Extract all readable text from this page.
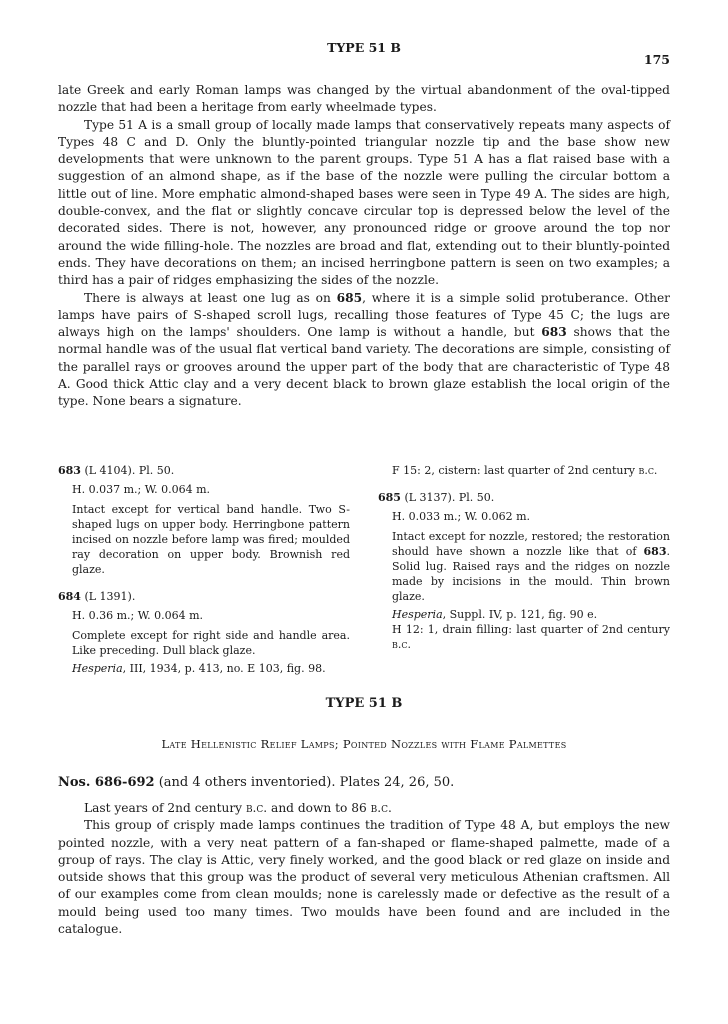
TYPE 51 B
175

late Greek and early Roman lamps was changed by the virtual abandonment of the oval-tipped nozzle that had been a heritage from early wheelmade types.

Type 51 A is a small group of locally made lamps that conservatively repeats many aspects of Types 48 C and D. Only the bluntly-pointed triangular nozzle tip and the base show new developments that were unknown to the parent groups. Type 51 A has a flat raised base with a suggestion of an almond shape, as if the base of the nozzle were pulling the circular bottom a little out of line. More emphatic almond-shaped bases were seen in Type 49 A. The sides are high, double-convex, and the flat or slightly concave circular top is depressed below the level of the decorated sides. There is not, however, any pronounced ridge or groove around the top nor around the wide filling-hole. The nozzles are broad and flat, extending out to their bluntly-pointed ends. They have decorations on them; an incised herringbone pattern is seen on two examples; a third has a pair of ridges emphasizing the sides of the nozzle.

There is always at least one lug as on 685, where it is a simple solid protuberance. Other lamps have pairs of S-shaped scroll lugs, recalling those features of Type 45 C; the lugs are always high on the lamps' shoulders. One lamp is without a handle, but 683 shows that the normal handle was of the usual flat vertical band variety. The decorations are simple, consisting of the parallel rays or grooves around the upper part of the body that are characteristic of Type 48 A. Good thick Attic clay and a very decent black to brown glaze establish the local origin of the type. None bears a signature.

683 (L 4104). Pl. 50.

H. 0.037 m.; W. 0.064 m.

Intact except for vertical band handle. Two S-shaped lugs on upper body. Herringbone pattern incised on nozzle before lamp was fired; moulded ray decoration on upper body. Brownish red glaze.

684 (L 1391).

H. 0.36 m.; W. 0.064 m.

Complete except for right side and handle area. Like preceding. Dull black glaze.

Hesperia, III, 1934, p. 413, no. E 103, fig. 98.

F 15: 2, cistern: last quarter of 2nd century b.c.

685 (L 3137). Pl. 50.

H. 0.033 m.; W. 0.062 m.

Intact except for nozzle, restored; the restoration should have shown a nozzle like that of 683. Solid lug. Raised rays and the ridges on nozzle made by incisions in the mould. Thin brown glaze.

Hesperia, Suppl. IV, p. 121, fig. 90 e.

H 12: 1, drain filling: last quarter of 2nd century b.c.

TYPE 51 B
Late Hellenistic Relief Lamps; Pointed Nozzles with Flame Palmettes
Nos. 686-692 (and 4 others inventoried). Plates 24, 26, 50.

Last years of 2nd century b.c. and down to 86 b.c.

This group of crisply made lamps continues the tradition of Type 48 A, but employs the new pointed nozzle, with a very neat pattern of a fan-shaped or flame-shaped palmette, made of a group of rays. The clay is Attic, very finely worked, and the good black or red glaze on inside and outside shows that this group was the product of several very meticulous Athenian craftsmen. All of our examples come from clean moulds; none is carelessly made or defective as the result of a mould being used too many times. Two moulds have been found and are included in the catalogue.
